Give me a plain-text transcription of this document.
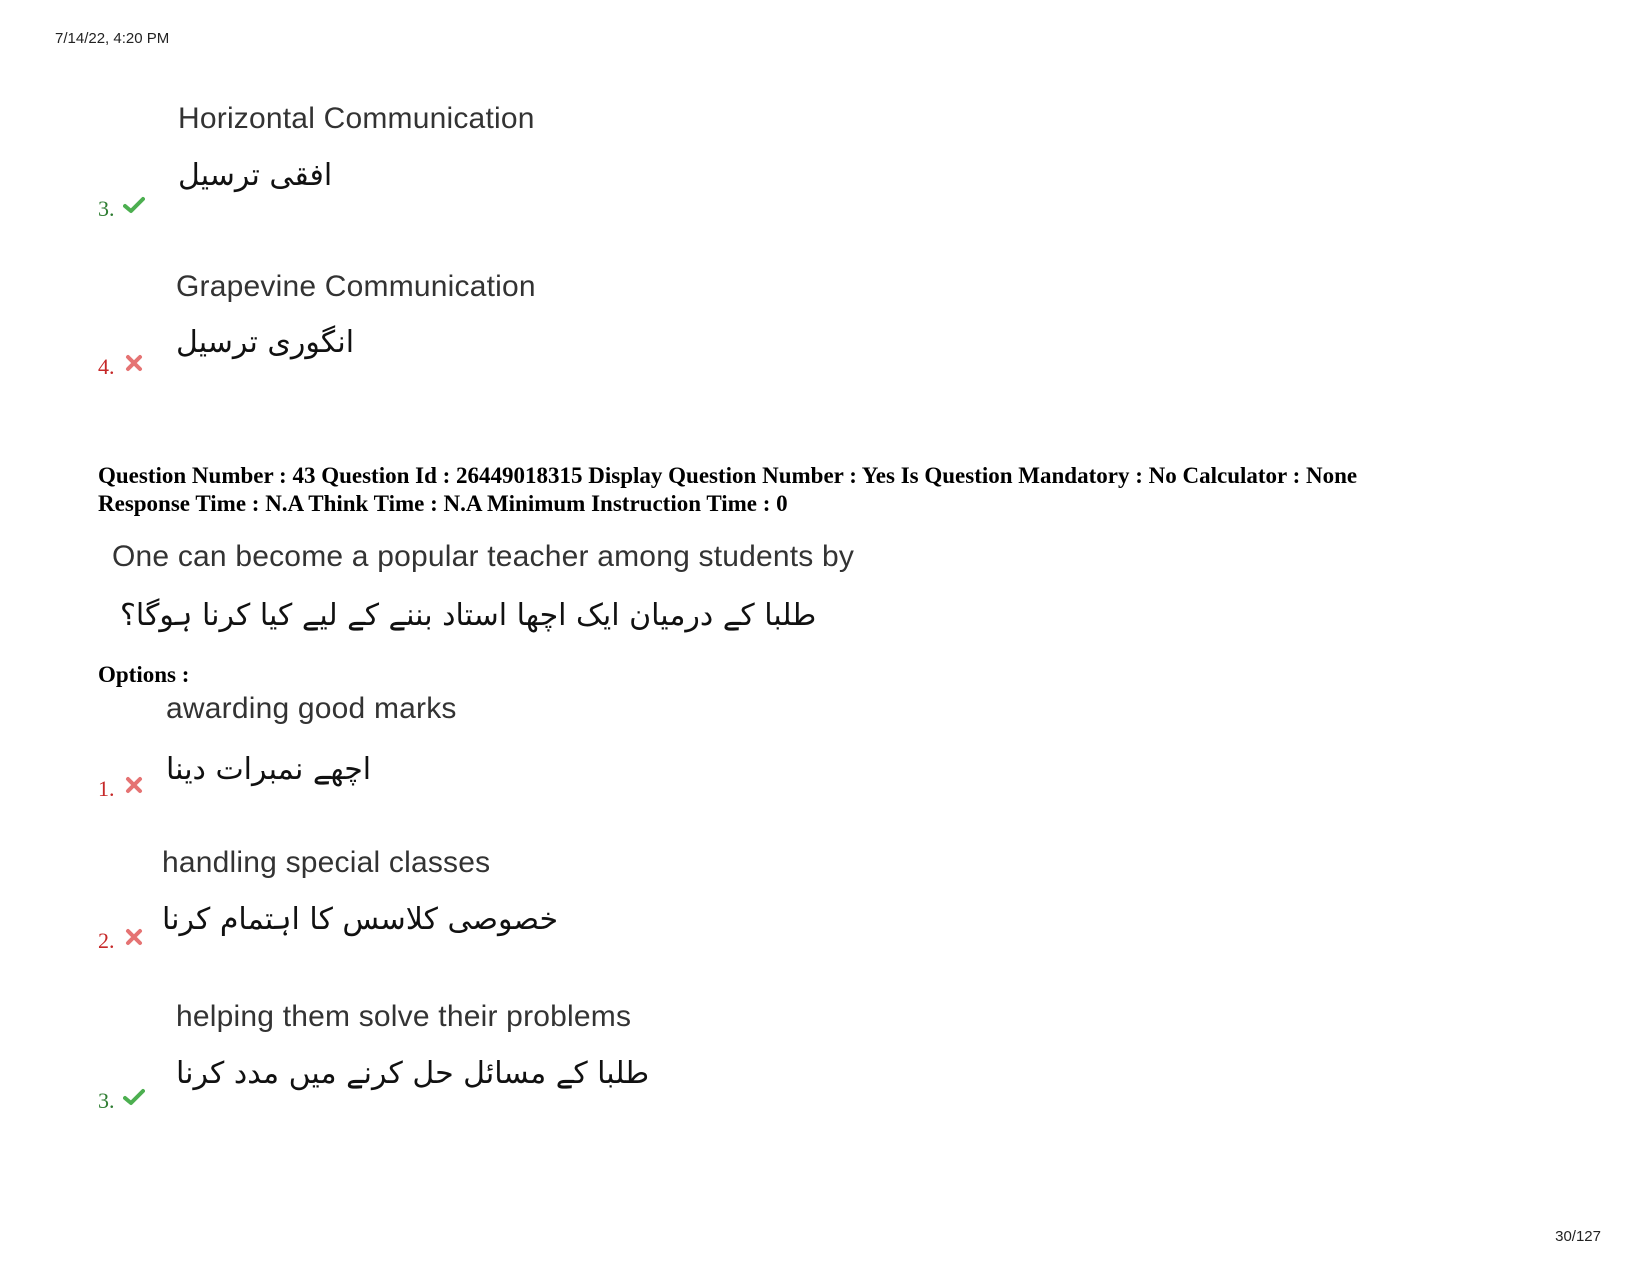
7/14/22, 4:20 PM
Horizontal Communication
افقی ترسیل
3.
Grapevine Communication
انگوری ترسیل
4.
Question Number : 43 Question Id : 26449018315 Display Question Number : Yes Is Question Mandatory : No Calculator : None
Response Time : N.A Think Time : N.A Minimum Instruction Time : 0
One can become a popular teacher among students by
طلبا کے درمیان ایک اچھا استاد بننے کے لیے کیا کرنا ہوگا؟
Options :
awarding good marks
اچھے نمبرات دینا
1.
handling special classes
خصوصی کلاسس کا اہتمام کرنا
2.
helping them solve their problems
طلبا کے مسائل حل کرنے میں مدد کرنا
3.
30/127
